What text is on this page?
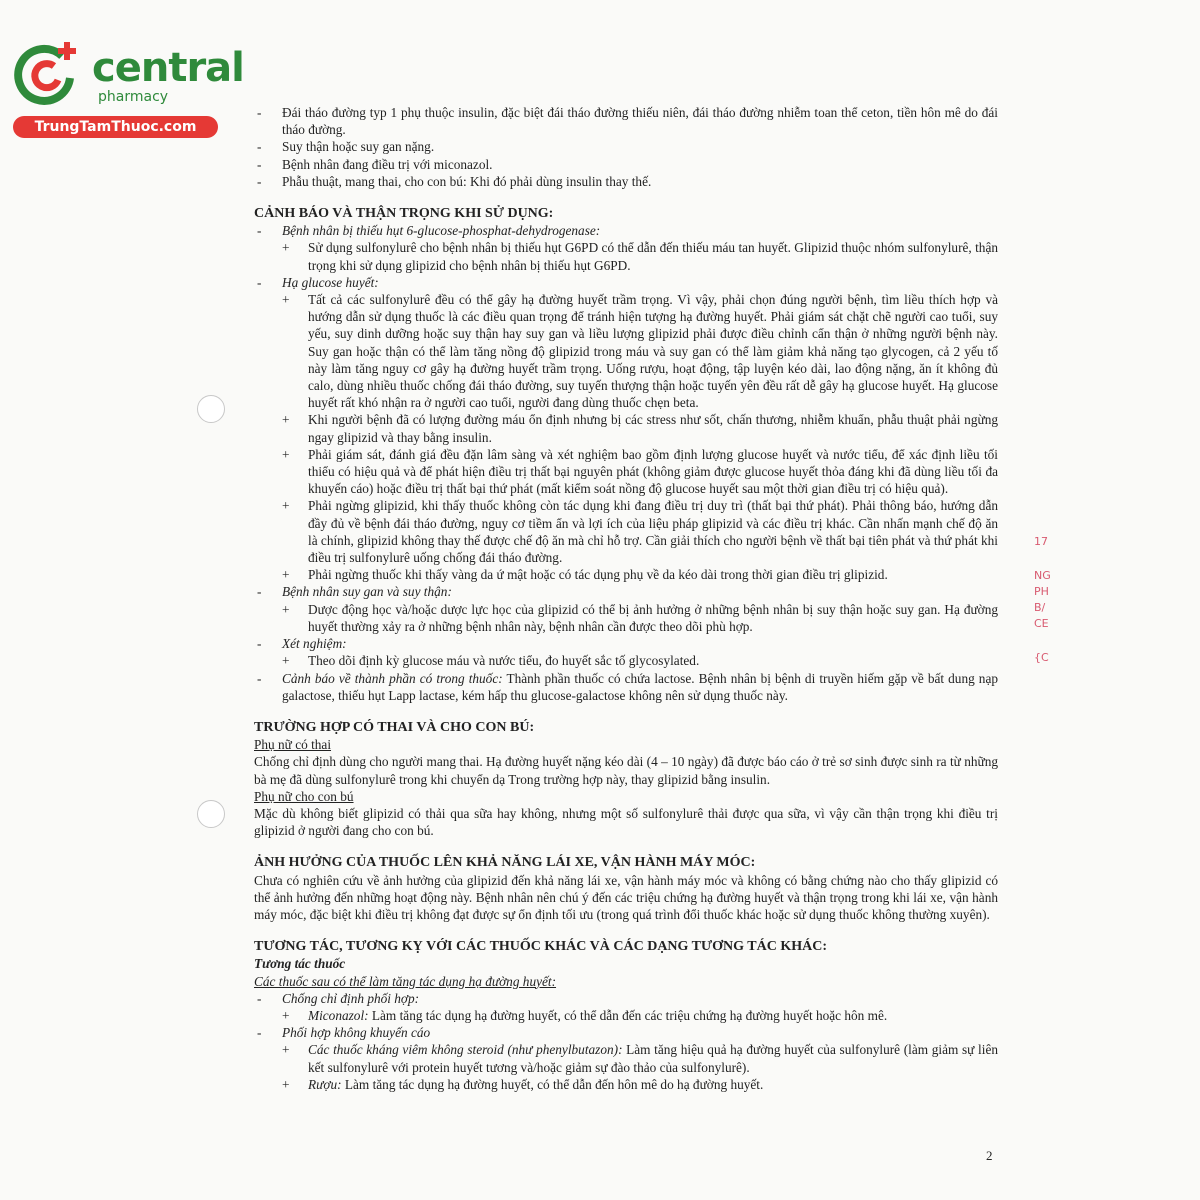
central
pharmacy
TrungTamThuoc.com
17
NG
PH
B/
CE
{C

- Đái tháo đường typ 1 phụ thuộc insulin, đặc biệt đái tháo đường thiếu niên, đái tháo đường nhiễm toan thể ceton, tiền hôn mê do đái tháo đường.

- Suy thận hoặc suy gan nặng.

- Bệnh nhân đang điều trị với miconazol.

- Phẫu thuật, mang thai, cho con bú: Khi đó phải dùng insulin thay thế.

CẢNH BÁO VÀ THẬN TRỌNG KHI SỬ DỤNG:

- Bệnh nhân bị thiếu hụt 6-glucose-phosphat-dehydrogenase:

+ Sử dụng sulfonylurê cho bệnh nhân bị thiếu hụt G6PD có thể dẫn đến thiếu máu tan huyết. Glipizid thuộc nhóm sulfonylurê, thận trọng khi sử dụng glipizid cho bệnh nhân bị thiếu hụt G6PD.

- Hạ glucose huyết:

+ Tất cả các sulfonylurê đều có thể gây hạ đường huyết trầm trọng. Vì vậy, phải chọn đúng người bệnh, tìm liều thích hợp và hướng dẫn sử dụng thuốc là các điều quan trọng để tránh hiện tượng hạ đường huyết. Phải giám sát chặt chẽ người cao tuổi, suy yếu, suy dinh dưỡng hoặc suy thận hay suy gan và liều lượng glipizid phải được điều chỉnh cẩn thận ở những người bệnh này. Suy gan hoặc thận có thể làm tăng nồng độ glipizid trong máu và suy gan có thể làm giảm khả năng tạo glycogen, cả 2 yếu tố này làm tăng nguy cơ gây hạ đường huyết trầm trọng. Uống rượu, hoạt động, tập luyện kéo dài, lao động nặng, ăn ít không đủ calo, dùng nhiều thuốc chống đái tháo đường, suy tuyến thượng thận hoặc tuyến yên đều rất dễ gây hạ glucose huyết. Hạ glucose huyết rất khó nhận ra ở người cao tuổi, người đang dùng thuốc chẹn beta.

+ Khi người bệnh đã có lượng đường máu ổn định nhưng bị các stress như sốt, chấn thương, nhiễm khuẩn, phẫu thuật phải ngừng ngay glipizid và thay bằng insulin.

+ Phải giám sát, đánh giá đều đặn lâm sàng và xét nghiệm bao gồm định lượng glucose huyết và nước tiểu, để xác định liều tối thiểu có hiệu quả và để phát hiện điều trị thất bại nguyên phát (không giảm được glucose huyết thỏa đáng khi đã dùng liều tối đa khuyến cáo) hoặc điều trị thất bại thứ phát (mất kiểm soát nồng độ glucose huyết sau một thời gian điều trị có hiệu quả).

+ Phải ngừng glipizid, khi thấy thuốc không còn tác dụng khi đang điều trị duy trì (thất bại thứ phát). Phải thông báo, hướng dẫn đầy đủ về bệnh đái tháo đường, nguy cơ tiềm ẩn và lợi ích của liệu pháp glipizid và các điều trị khác. Cần nhấn mạnh chế độ ăn là chính, glipizid không thay thế được chế độ ăn mà chỉ hỗ trợ. Cần giải thích cho người bệnh về thất bại tiên phát và thứ phát khi điều trị sulfonylurê uống chống đái tháo đường.

+ Phải ngừng thuốc khi thấy vàng da ứ mật hoặc có tác dụng phụ về da kéo dài trong thời gian điều trị glipizid.

- Bệnh nhân suy gan và suy thận:

+ Dược động học và/hoặc dược lực học của glipizid có thể bị ảnh hưởng ở những bệnh nhân bị suy thận hoặc suy gan. Hạ đường huyết thường xảy ra ở những bệnh nhân này, bệnh nhân cần được theo dõi phù hợp.

- Xét nghiệm:

+ Theo dõi định kỳ glucose máu và nước tiểu, đo huyết sắc tố glycosylated.

- Cảnh báo về thành phần có trong thuốc: Thành phần thuốc có chứa lactose. Bệnh nhân bị bệnh di truyền hiếm gặp về bất dung nạp galactose, thiếu hụt Lapp lactase, kém hấp thu glucose-galactose không nên sử dụng thuốc này.

TRƯỜNG HỢP CÓ THAI VÀ CHO CON BÚ:

Phụ nữ có thai

Chống chỉ định dùng cho người mang thai. Hạ đường huyết nặng kéo dài (4 – 10 ngày) đã được báo cáo ở trẻ sơ sinh được sinh ra từ những bà mẹ đã dùng sulfonylurê trong khi chuyển dạ Trong trường hợp này, thay glipizid bằng insulin.

Phụ nữ cho con bú

Mặc dù không biết glipizid có thải qua sữa hay không, nhưng một số sulfonylurê thải được qua sữa, vì vậy cần thận trọng khi điều trị glipizid ở người đang cho con bú.

ẢNH HƯỞNG CỦA THUỐC LÊN KHẢ NĂNG LÁI XE, VẬN HÀNH MÁY MÓC:

Chưa có nghiên cứu về ảnh hưởng của glipizid đến khả năng lái xe, vận hành máy móc và không có bằng chứng nào cho thấy glipizid có thể ảnh hưởng đến những hoạt động này. Bệnh nhân nên chú ý đến các triệu chứng hạ đường huyết và thận trọng trong khi lái xe, vận hành máy móc, đặc biệt khi điều trị không đạt được sự ổn định tối ưu (trong quá trình đổi thuốc khác hoặc sử dụng thuốc không thường xuyên).

TƯƠNG TÁC, TƯƠNG KỴ VỚI CÁC THUỐC KHÁC VÀ CÁC DẠNG TƯƠNG TÁC KHÁC:

Tương tác thuốc

Các thuốc sau có thể làm tăng tác dụng hạ đường huyết:

- Chống chỉ định phối hợp:

+ Miconazol: Làm tăng tác dụng hạ đường huyết, có thể dẫn đến các triệu chứng hạ đường huyết hoặc hôn mê.

- Phối hợp không khuyến cáo

+ Các thuốc kháng viêm không steroid (như phenylbutazon): Làm tăng hiệu quả hạ đường huyết của sulfonylurê (làm giảm sự liên kết sulfonylurê với protein huyết tương và/hoặc giảm sự đào thảo của sulfonylurê).

+ Rượu: Làm tăng tác dụng hạ đường huyết, có thể dẫn đến hôn mê do hạ đường huyết.

2
